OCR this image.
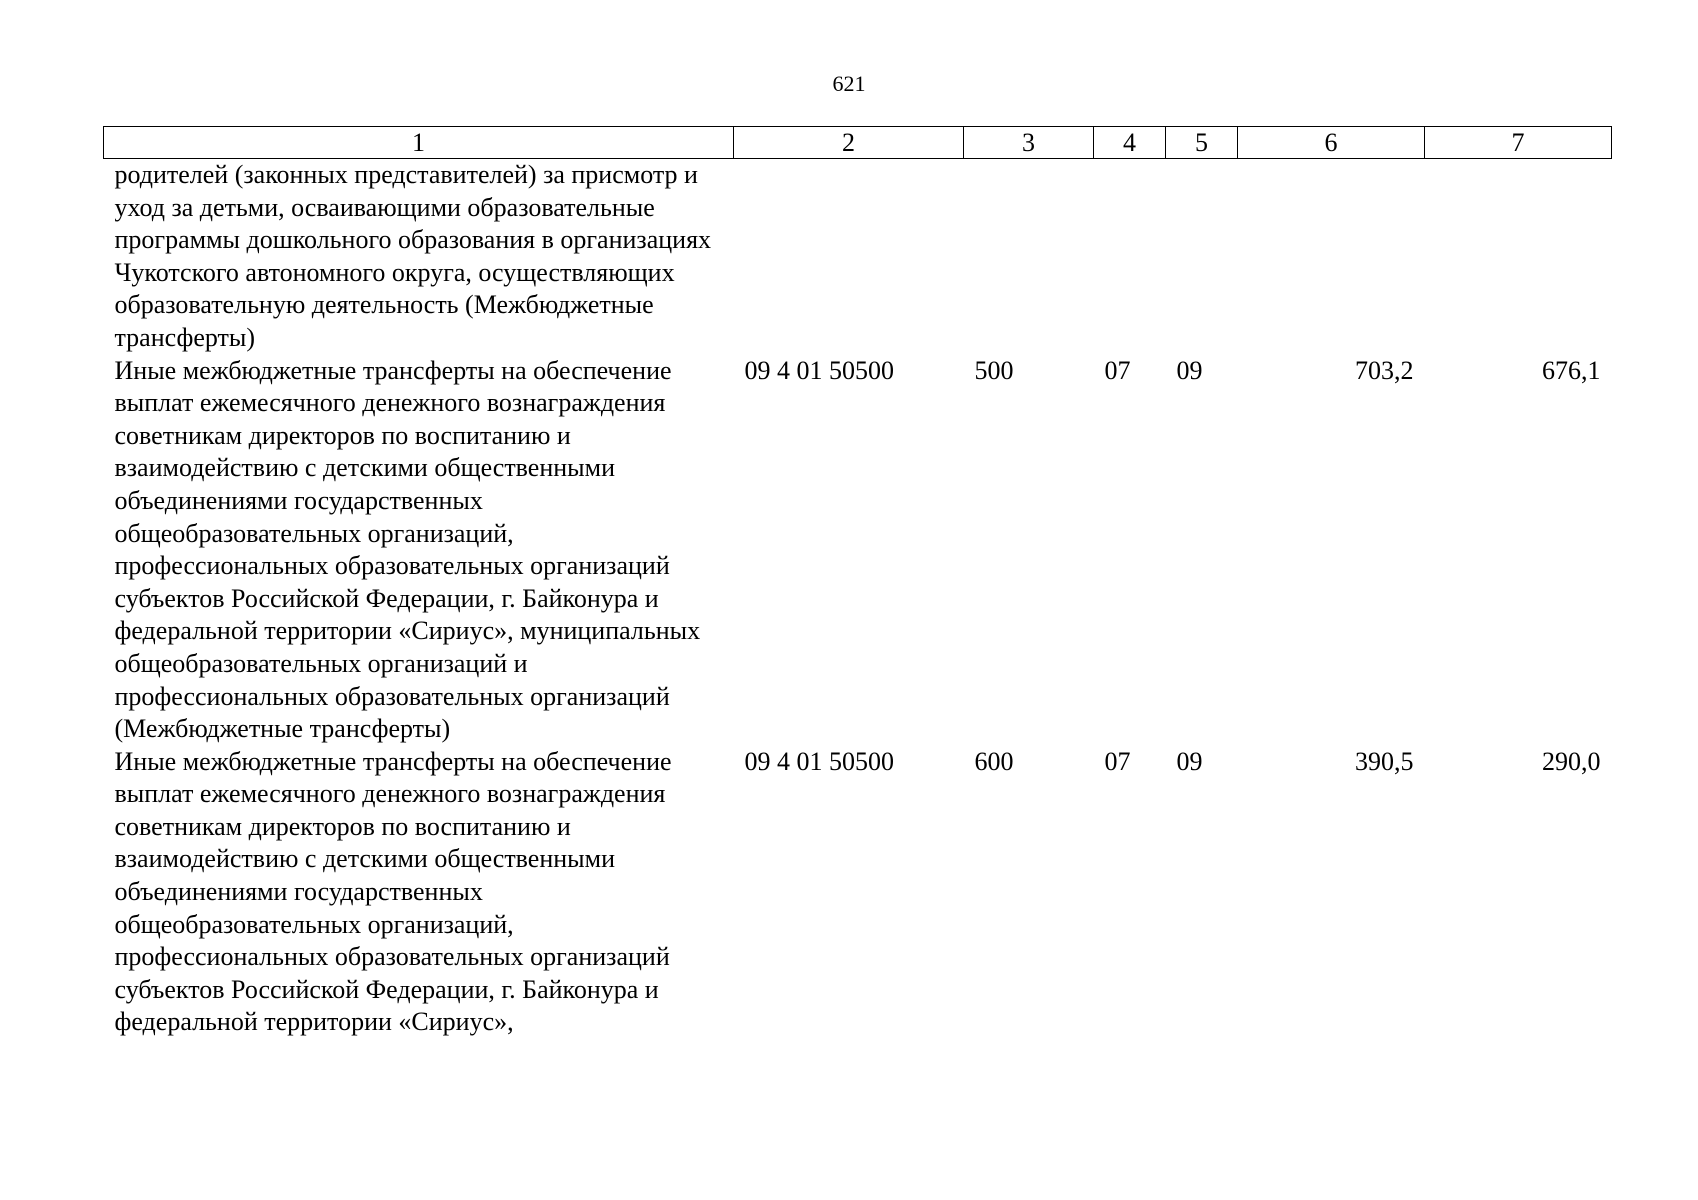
621
1	2	3	4	5	6	7
родителей (законных представителей) за присмотр и уход за детьми, осваивающими образовательные программы дошкольного образования в организациях Чукотского автономного округа, осуществляющих образовательную деятельность (Межбюджетные трансферты)						
Иные межбюджетные трансферты на обеспечение выплат ежемесячного денежного вознаграждения советникам директоров по воспитанию и взаимодействию с детскими общественными объединениями государственных общеобразовательных организаций, профессиональных образовательных организаций субъектов Российской Федерации, г. Байконура и федеральной территории «Сириус», муниципальных общеобразовательных организаций и профессиональных образовательных организаций (Межбюджетные трансферты)	09 4 01 50500	500	07	09	703,2	676,1
Иные межбюджетные трансферты на обеспечение выплат ежемесячного денежного вознаграждения советникам директоров по воспитанию и взаимодействию с детскими общественными объединениями государственных общеобразовательных организаций, профессиональных образовательных организаций субъектов Российской Федерации, г. Байконура и федеральной территории «Сириус»,	09 4 01 50500	600	07	09	390,5	290,0
